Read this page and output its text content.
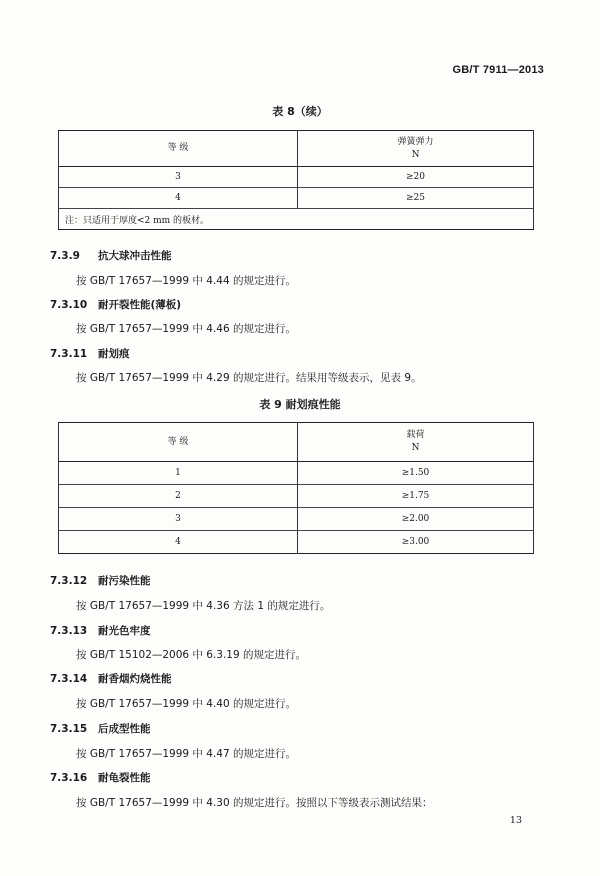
GB/T 7911—2013
表 8（续）
等 级	弹簧弹力
N

3	≥20
4	≥25
注：只适用于厚度<2 mm 的板材。	
7.3.9 抗大球冲击性能
按 GB/T 17657—1999 中 4.44 的规定进行。
7.3.10 耐开裂性能(薄板)
按 GB/T 17657—1999 中 4.46 的规定进行。
7.3.11 耐划痕
按 GB/T 17657—1999 中 4.29 的规定进行。结果用等级表示，见表 9。
表 9 耐划痕性能
等 级	载荷
N

1	≥1.50
2	≥1.75
3	≥2.00
4	≥3.00
7.3.12 耐污染性能
按 GB/T 17657—1999 中 4.36 方法 1 的规定进行。
7.3.13 耐光色牢度
按 GB/T 15102—2006 中 6.3.19 的规定进行。
7.3.14 耐香烟灼烧性能
按 GB/T 17657—1999 中 4.40 的规定进行。
7.3.15 后成型性能
按 GB/T 17657—1999 中 4.47 的规定进行。
7.3.16 耐龟裂性能
按 GB/T 17657—1999 中 4.30 的规定进行。按照以下等级表示测试结果：
13
